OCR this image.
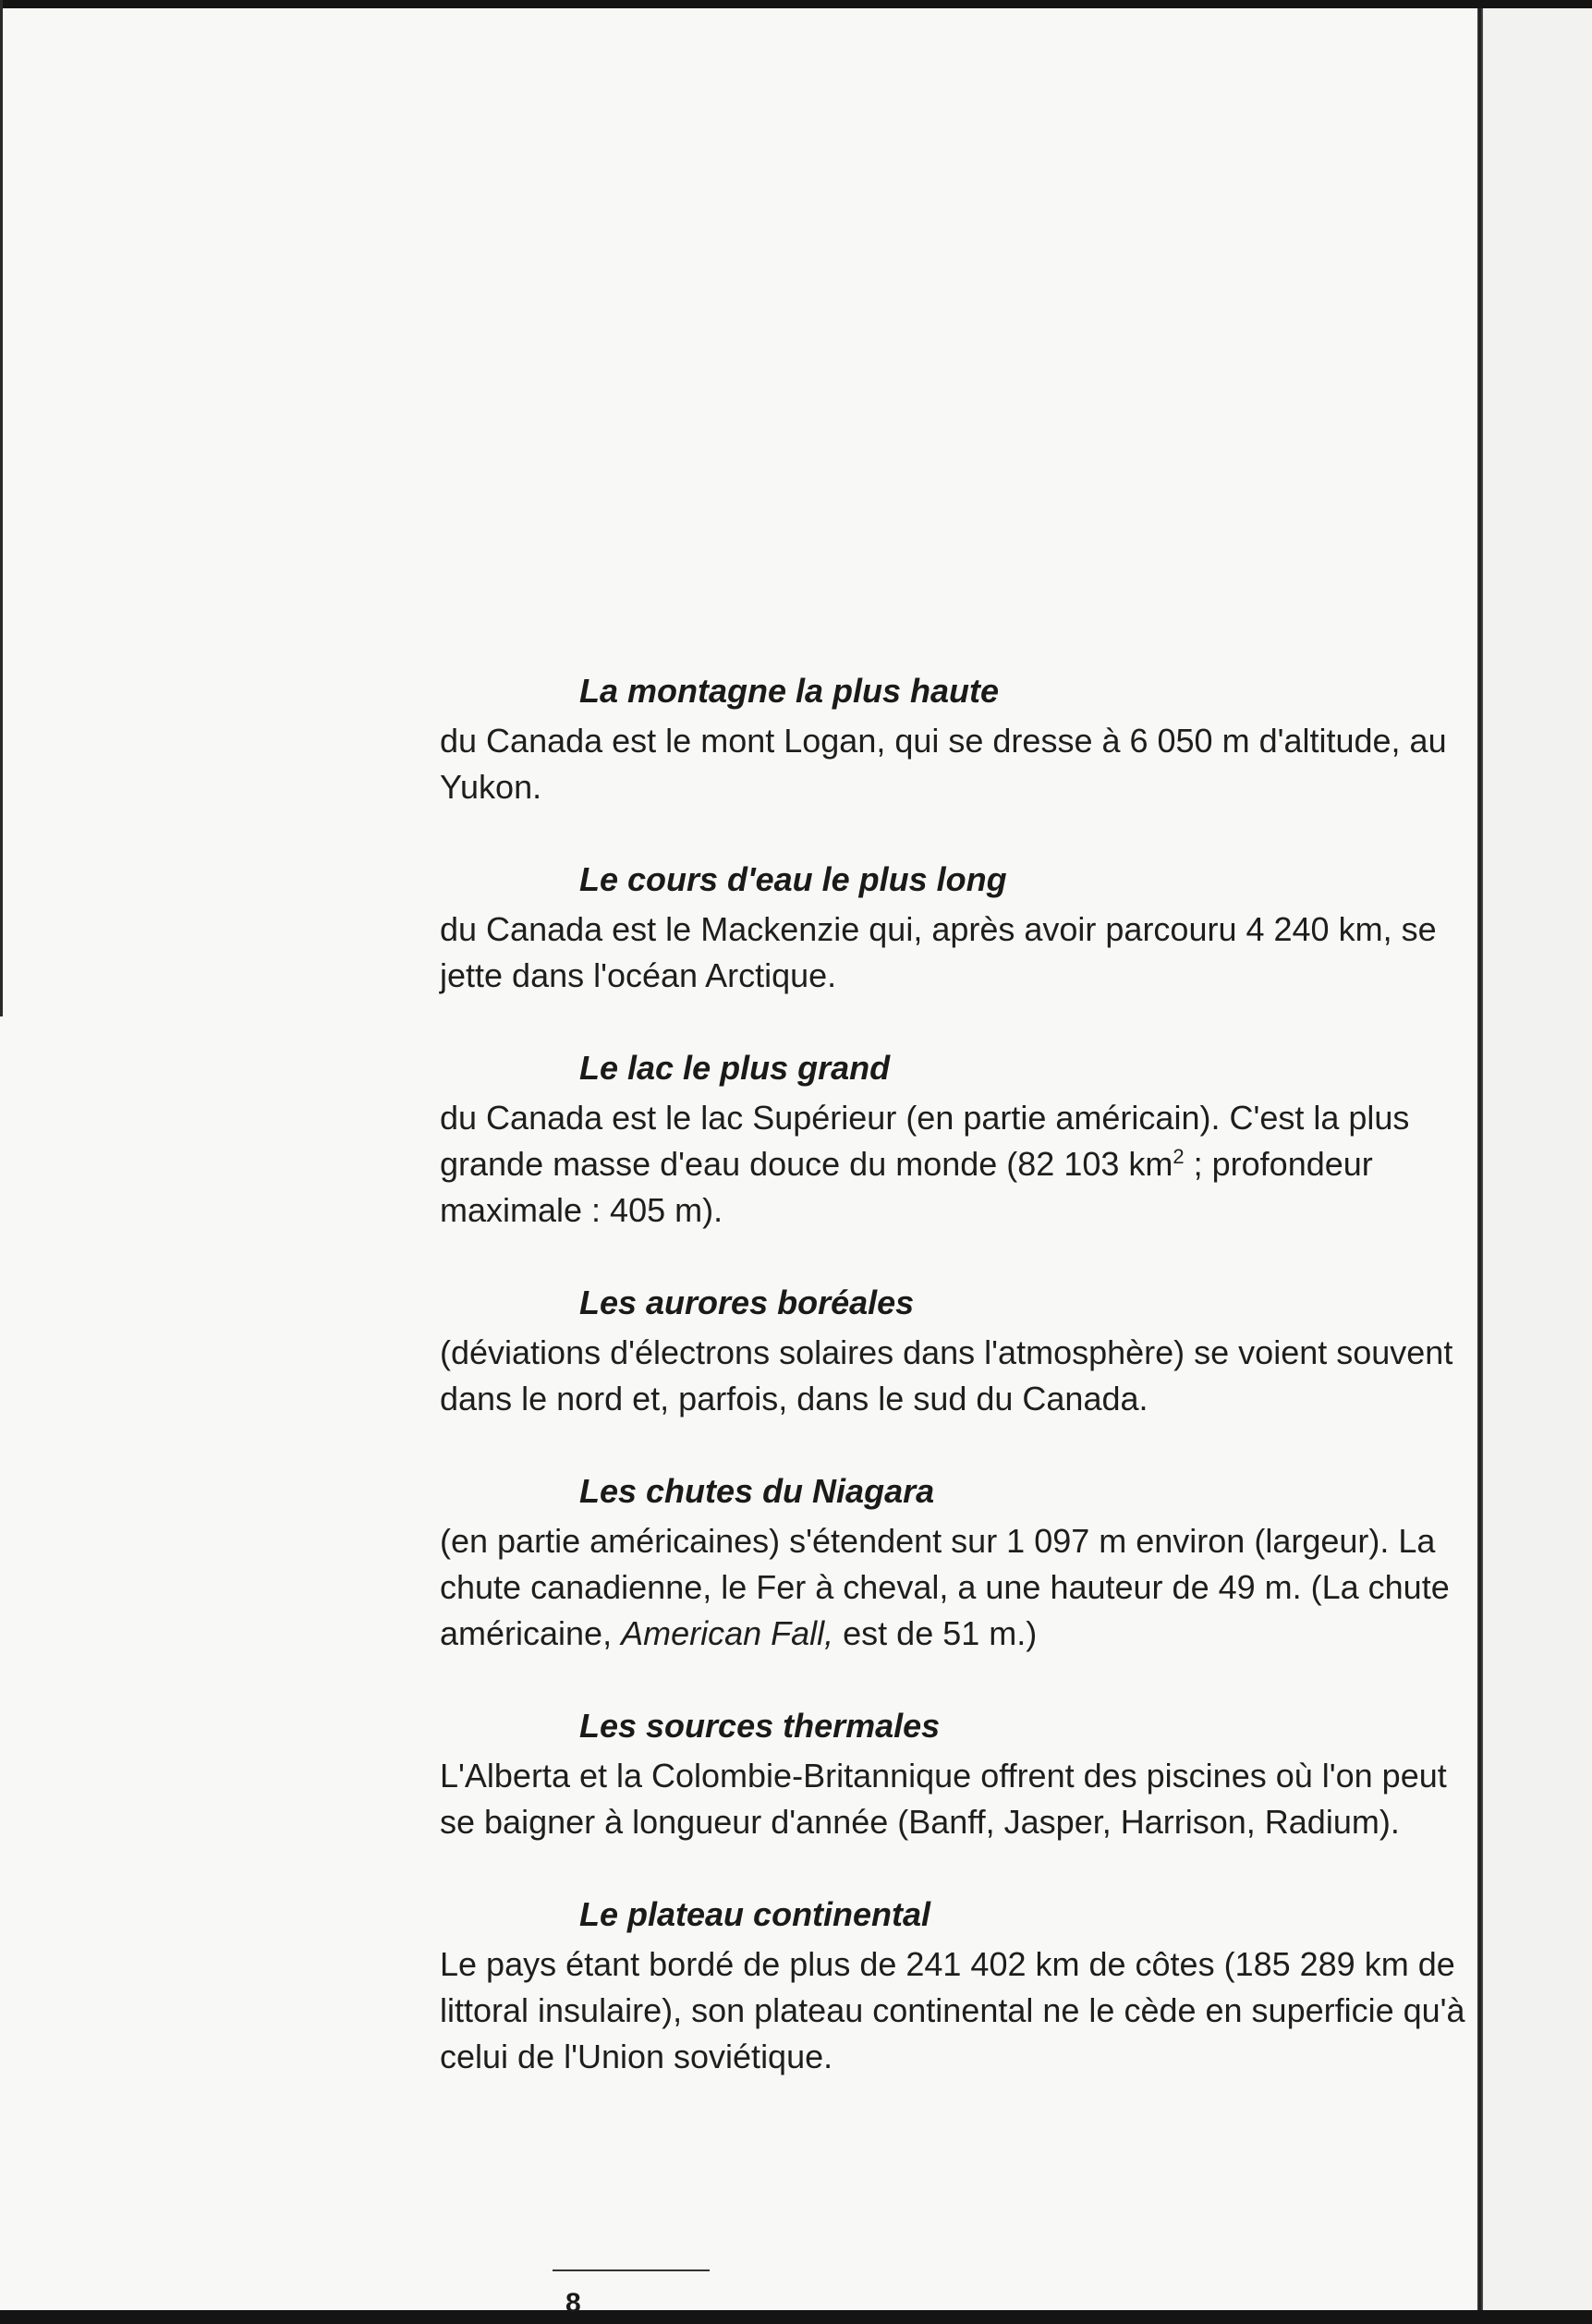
La montagne la plus haute

du Canada est le mont Logan, qui se dresse à 6 050 m d'altitude, au Yukon.

Le cours d'eau le plus long

du Canada est le Mackenzie qui, après avoir parcouru 4 240 km, se jette dans l'océan Arctique.

Le lac le plus grand

du Canada est le lac Supérieur (en partie américain). C'est la plus grande masse d'eau douce du monde (82 103 $km^2$ ; profondeur maximale : 405 m).

Les aurores boréales

(déviations d'électrons solaires dans l'atmosphère) se voient souvent dans le nord et, parfois, dans le sud du Canada.

Les chutes du Niagara

(en partie américaines) s'étendent sur 1 097 m environ (largeur). La chute canadienne, le Fer à cheval, a une hauteur de 49 m. (La chute américaine, American Fall, est de 51 m.)

Les sources thermales

L'Alberta et la Colombie-Britannique offrent des piscines où l'on peut se baigner à longueur d'année (Banff, Jasper, Harrison, Radium).

Le plateau continental

Le pays étant bordé de plus de 241 402 km de côtes (185 289 km de littoral insulaire), son plateau continental ne le cède en superficie qu'à celui de l'Union soviétique.

8
